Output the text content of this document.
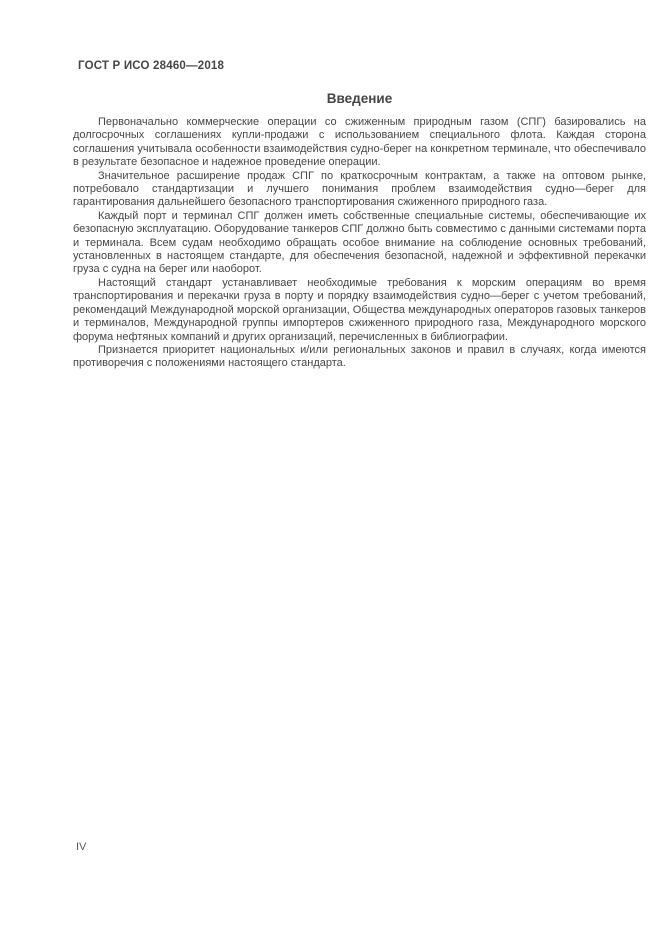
ГОСТ Р ИСО 28460—2018
Введение

Первоначально коммерческие операции со сжиженным природным газом (СПГ) базировались на долгосрочных соглашениях купли-продажи с использованием специального флота. Каждая сторона соглашения учитывала особенности взаимодействия судно-берег на конкретном терминале, что обеспечивало в результате безопасное и надежное проведение операции.

Значительное расширение продаж СПГ по краткосрочным контрактам, а также на оптовом рынке, потребовало стандартизации и лучшего понимания проблем взаимодействия судно—берег для гарантирования дальнейшего безопасного транспортирования сжиженного природного газа.

Каждый порт и терминал СПГ должен иметь собственные специальные системы, обеспечивающие их безопасную эксплуатацию. Оборудование танкеров СПГ должно быть совместимо с данными системами порта и терминала. Всем судам необходимо обращать особое внимание на соблюдение основных требований, установленных в настоящем стандарте, для обеспечения безопасной, надежной и эффективной перекачки груза с судна на берег или наоборот.

Настоящий стандарт устанавливает необходимые требования к морским операциям во время транспортирования и перекачки груза в порту и порядку взаимодействия судно—берег с учетом требований, рекомендаций Международной морской организации, Общества международных операторов газовых танкеров и терминалов, Международной группы импортеров сжиженного природного газа, Международного морского форума нефтяных компаний и других организаций, перечисленных в библиографии.

Признается приоритет национальных и/или региональных законов и правил в случаях, когда имеются противоречия с положениями настоящего стандарта.

IV
